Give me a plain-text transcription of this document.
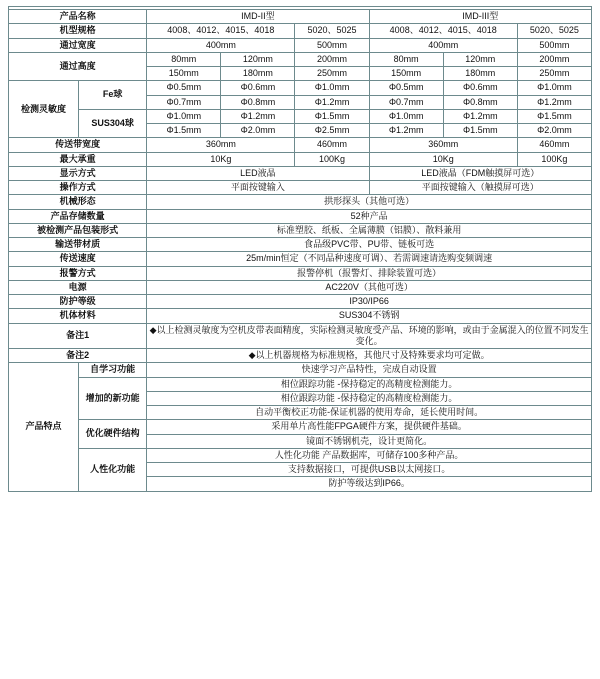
产品名称		IMD-II型			IMD-III型		
机型规格		4008、4012、4015、4018		5020、5025	4008、4012、4015、4018		5020、5025
通过宽度		400mm		500mm	400mm		500mm
通过高度		80mm	120mm	200mm	80mm	120mm	200mm
		150mm	180mm	250mm	150mm	180mm	250mm
检测灵敏度	Fe球	Φ0.5mm	Φ0.6mm	Φ1.0mm	Φ0.5mm	Φ0.6mm	Φ1.0mm
		Φ0.7mm	Φ0.8mm	Φ1.2mm	Φ0.7mm	Φ0.8mm	Φ1.2mm
	SUS304球	Φ1.0mm	Φ1.2mm	Φ1.5mm	Φ1.0mm	Φ1.2mm	Φ1.5mm
		Φ1.5mm	Φ2.0mm	Φ2.5mm	Φ1.2mm	Φ1.5mm	Φ2.0mm
传送带宽度		360mm		460mm	360mm		460mm
最大承重		10Kg		100Kg	10Kg		100Kg
显示方式		LED液晶			LED液晶（FDM触摸屏可选）		
操作方式		平面按键输入			平面按键输入（触摸屏可选）		
机械形态		拱形探头（其他可选）					
产品存储数量		52种产品					
被检测产品包装形式		标准塑胶、纸板、全属薄膜（铝膜）、散料兼用					
输送带材质		食品级PVC带、PU带、链板可选					
传送速度		25m/min恒定（不同品种速度可调）、若需调速请选购变频调速					
报警方式		报警停机（报警灯、排除装置可选）					
电源		AC220V（其他可选）					
防护等级		IP30/IP66					
机体材料		SUS304不锈钢					
备注1		◆以上检测灵敏度为空机皮带表面精度，实际检测灵敏度受产品、环境的影响，或由于金属混入的位置不同发生变化。					
备注2		◆以上机器规格为标准规格，其他尺寸及特殊要求均可定做。					
产品特点	自学习功能	快速学习产品特性，完成自动设置					
	增加的新功能	相位跟踪功能 -保持稳定的高精度检测能力。					
		相位跟踪功能 -保持稳定的高精度检测能力。					
		自动平衡校正功能-保证机器的使用寿命，延长使用时间。					
	优化硬件结构	采用单片高性能FPGA硬件方案，提供硬件基础。					
		镜面不锈钢机壳，设计更简化。					
	人性化功能	人性化功能 产品数据库，可储存100多种产品。					
		支持数据接口，可提供USB以太网接口。					
		防护等级达到IP66。					
